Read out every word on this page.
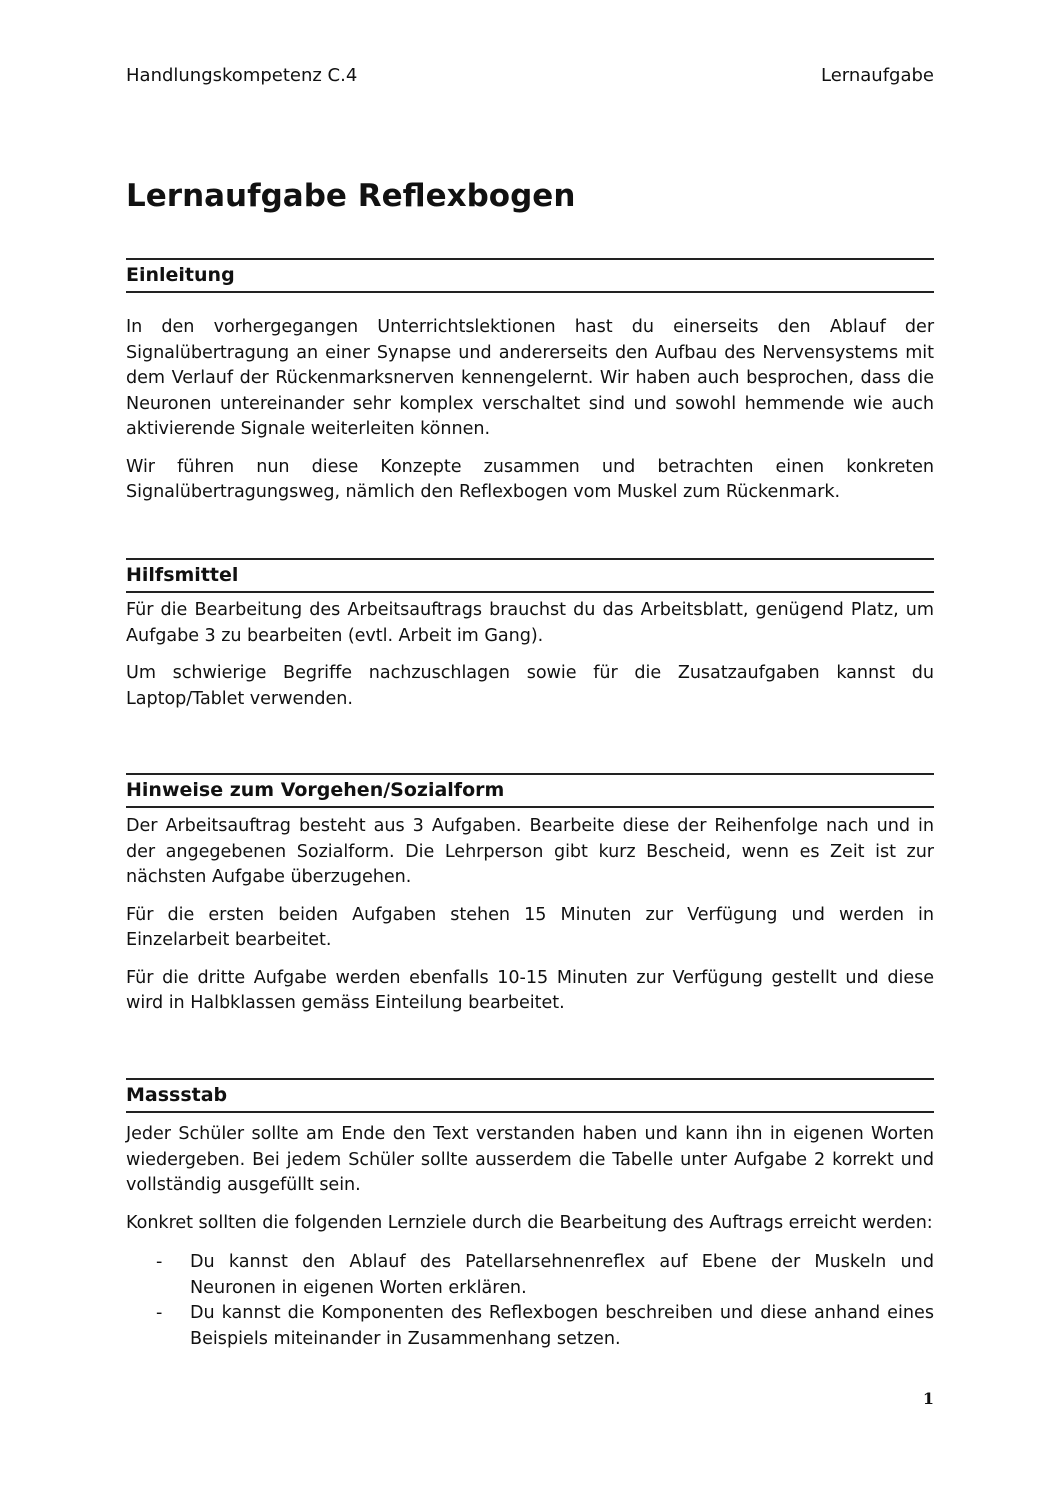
Handlungskompetenz C.4	Lernaufgabe
Lernaufgabe Reflexbogen
Einleitung

In den vorhergegangen Unterrichtslektionen hast du einerseits den Ablauf der Signalübertragung an einer Synapse und andererseits den Aufbau des Nervensystems mit dem Verlauf der Rückenmarksnerven kennengelernt. Wir haben auch besprochen, dass die Neuronen untereinander sehr komplex verschaltet sind und sowohl hemmende wie auch aktivierende Signale weiterleiten können.

Wir führen nun diese Konzepte zusammen und betrachten einen konkreten Signalübertragungsweg, nämlich den Reflexbogen vom Muskel zum Rückenmark.

Hilfsmittel

Für die Bearbeitung des Arbeitsauftrags brauchst du das Arbeitsblatt, genügend Platz, um Aufgabe 3 zu bearbeiten (evtl. Arbeit im Gang).

Um schwierige Begriffe nachzuschlagen sowie für die Zusatzaufgaben kannst du Laptop/Tablet verwenden.

Hinweise zum Vorgehen/Sozialform

Der Arbeitsauftrag besteht aus 3 Aufgaben. Bearbeite diese der Reihenfolge nach und in der angegebenen Sozialform. Die Lehrperson gibt kurz Bescheid, wenn es Zeit ist zur nächsten Aufgabe überzugehen.

Für die ersten beiden Aufgaben stehen 15 Minuten zur Verfügung und werden in Einzelarbeit bearbeitet.

Für die dritte Aufgabe werden ebenfalls 10-15 Minuten zur Verfügung gestellt und diese wird in Halbklassen gemäss Einteilung bearbeitet.

Massstab

Jeder Schüler sollte am Ende den Text verstanden haben und kann ihn in eigenen Worten wiedergeben. Bei jedem Schüler sollte ausserdem die Tabelle unter Aufgabe 2 korrekt und vollständig ausgefüllt sein.

Konkret sollten die folgenden Lernziele durch die Bearbeitung des Auftrags erreicht werden:

-	Du kannst den Ablauf des Patellarsehnenreflex auf Ebene der Muskeln und Neuronen in eigenen Worten erklären.
-	Du kannst die Komponenten des Reflexbogen beschreiben und diese anhand eines Beispiels miteinander in Zusammenhang setzen.
1
